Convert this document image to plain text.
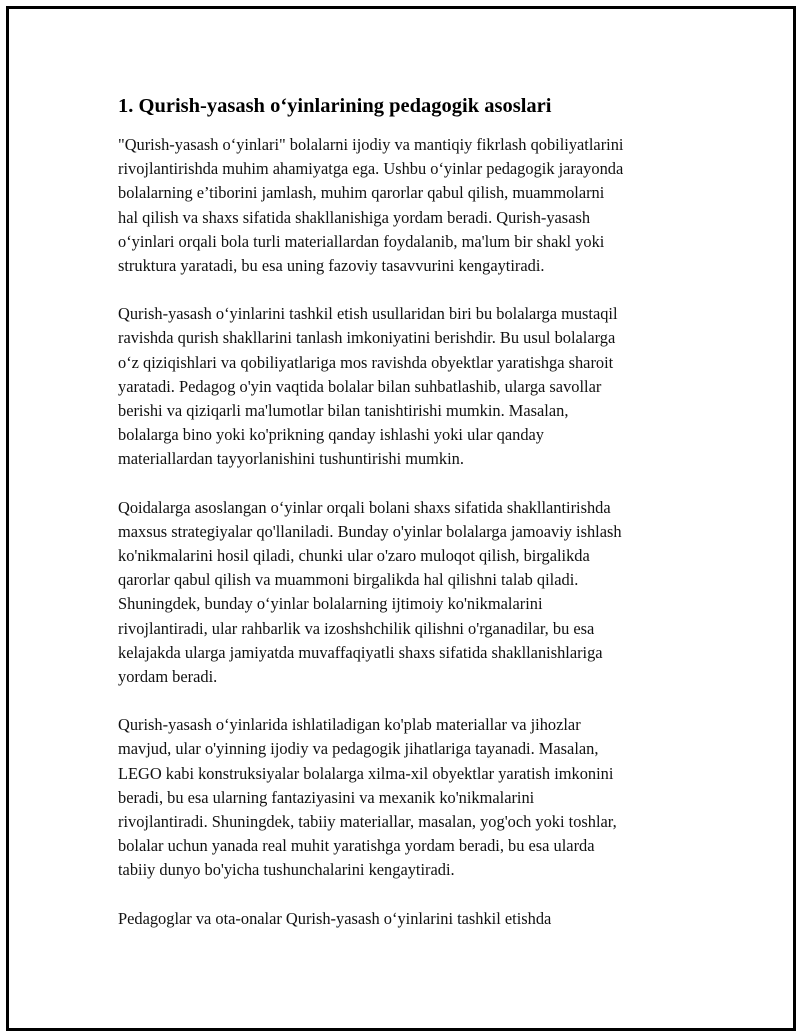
1. Qurish-yasash o‘yinlarining pedagogik asoslari

"Qurish-yasash o‘yinlari" bolalarni ijodiy va mantiqiy fikrlash qobiliyatlarini
rivojlantirishda muhim ahamiyatga ega. Ushbu o‘yinlar pedagogik jarayonda
bolalarning e’tiborini jamlash, muhim qarorlar qabul qilish, muammolarni
hal qilish va shaxs sifatida shakllanishiga yordam beradi. Qurish-yasash
o‘yinlari orqali bola turli materiallardan foydalanib, ma'lum bir shakl yoki
struktura yaratadi, bu esa uning fazoviy tasavvurini kengaytiradi.

Qurish-yasash o‘yinlarini tashkil etish usullaridan biri bu bolalarga mustaqil
ravishda qurish shakllarini tanlash imkoniyatini berishdir. Bu usul bolalarga
o‘z qiziqishlari va qobiliyatlariga mos ravishda obyektlar yaratishga sharoit
yaratadi. Pedagog o'yin vaqtida bolalar bilan suhbatlashib, ularga savollar
berishi va qiziqarli ma'lumotlar bilan tanishtirishi mumkin. Masalan,
bolalarga bino yoki ko'prikning qanday ishlashi yoki ular qanday
materiallardan tayyorlanishini tushuntirishi mumkin.

Qoidalarga asoslangan o‘yinlar orqali bolani shaxs sifatida shakllantirishda
maxsus strategiyalar qo'llaniladi. Bunday o'yinlar bolalarga jamoaviy ishlash
ko'nikmalarini hosil qiladi, chunki ular o'zaro muloqot qilish, birgalikda
qarorlar qabul qilish va muammoni birgalikda hal qilishni talab qiladi.
Shuningdek, bunday o‘yinlar bolalarning ijtimoiy ko'nikmalarini
rivojlantiradi, ular rahbarlik va izoshshchilik qilishni o'rganadilar, bu esa
kelajakda ularga jamiyatda muvaffaqiyatli shaxs sifatida shakllanishlariga
yordam beradi.

Qurish-yasash o‘yinlarida ishlatiladigan ko'plab materiallar va jihozlar
mavjud, ular o'yinning ijodiy va pedagogik jihatlariga tayanadi. Masalan,
LEGO kabi konstruksiyalar bolalarga xilma-xil obyektlar yaratish imkonini
beradi, bu esa ularning fantaziyasini va mexanik ko'nikmalarini
rivojlantiradi. Shuningdek, tabiiy materiallar, masalan, yog'och yoki toshlar,
bolalar uchun yanada real muhit yaratishga yordam beradi, bu esa ularda
tabiiy dunyo bo'yicha tushunchalarini kengaytiradi.

Pedagoglar va ota-onalar Qurish-yasash o‘yinlarini tashkil etishda
